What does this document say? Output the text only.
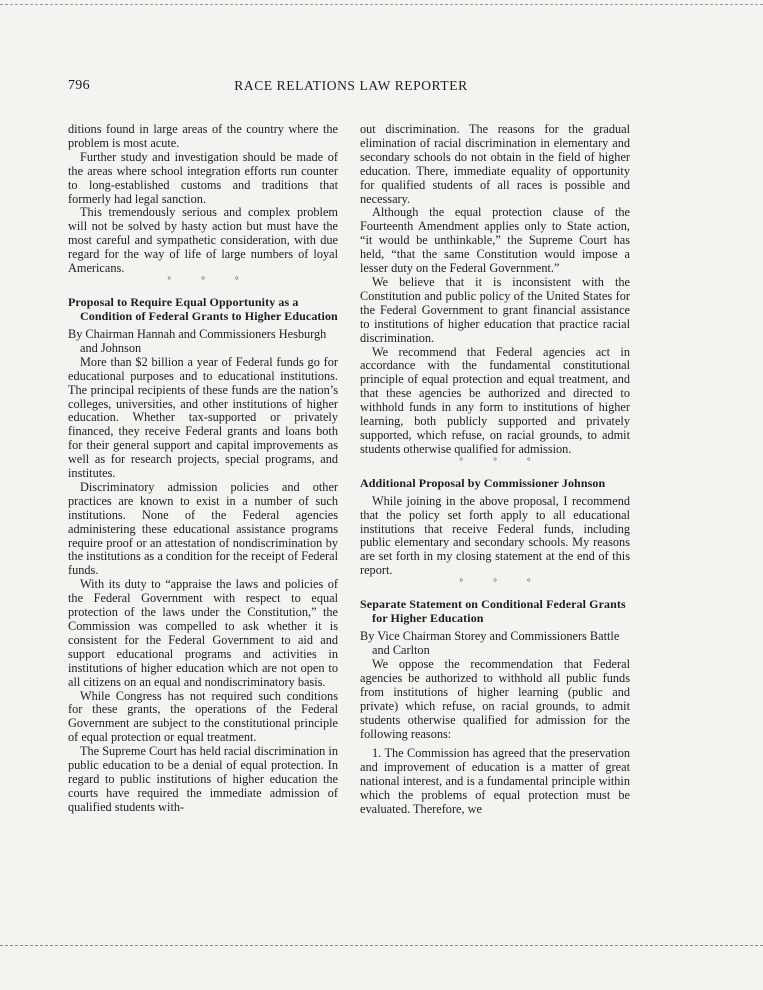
796	RACE RELATIONS LAW REPORTER

ditions found in large areas of the country where the problem is most acute.

Further study and investigation should be made of the areas where school integration efforts run counter to long-established customs and traditions that formerly had legal sanction.

This tremendously serious and complex problem will not be solved by hasty action but must have the most careful and sympathetic consideration, with due regard for the way of life of large numbers of loyal Americans.

° ° °
Proposal to Require Equal Opportunity as a Condition of Federal Grants to Higher Education

By Chairman Hannah and Commissioners Hesburgh and Johnson

More than $2 billion a year of Federal funds go for educational purposes and to educational institutions. The principal recipients of these funds are the nation’s colleges, universities, and other institutions of higher education. Whether tax-supported or privately financed, they receive Federal grants and loans both for their general support and capital improvements as well as for research projects, special programs, and institutes.

Discriminatory admission policies and other practices are known to exist in a number of such institutions. None of the Federal agencies administering these educational assistance programs require proof or an attestation of nondiscrimination by the institutions as a condition for the receipt of Federal funds.

With its duty to “appraise the laws and policies of the Federal Government with respect to equal protection of the laws under the Constitution,” the Commission was compelled to ask whether it is consistent for the Federal Government to aid and support educational programs and activities in institutions of higher education which are not open to all citizens on an equal and nondiscriminatory basis.

While Congress has not required such conditions for these grants, the operations of the Federal Government are subject to the constitutional principle of equal protection or equal treatment.

The Supreme Court has held racial discrimination in public education to be a denial of equal protection. In regard to public institutions of higher education the courts have required the immediate admission of qualified students with-

out discrimination. The reasons for the gradual elimination of racial discrimination in elementary and secondary schools do not obtain in the field of higher education. There, immediate equality of opportunity for qualified students of all races is possible and necessary.

Although the equal protection clause of the Fourteenth Amendment applies only to State action, “it would be unthinkable,” the Supreme Court has held, “that the same Constitution would impose a lesser duty on the Federal Government.”

We believe that it is inconsistent with the Constitution and public policy of the United States for the Federal Government to grant financial assistance to institutions of higher education that practice racial discrimination.

We recommend that Federal agencies act in accordance with the fundamental constitutional principle of equal protection and equal treatment, and that these agencies be authorized and directed to withhold funds in any form to institutions of higher learning, both publicly supported and privately supported, which refuse, on racial grounds, to admit students otherwise qualified for admission.

° ° °
Additional Proposal by Commissioner Johnson

While joining in the above proposal, I recommend that the policy set forth apply to all educational institutions that receive Federal funds, including public elementary and secondary schools. My reasons are set forth in my closing statement at the end of this report.

° ° °
Separate Statement on Conditional Federal Grants for Higher Education

By Vice Chairman Storey and Commissioners Battle and Carlton

We oppose the recommendation that Federal agencies be authorized to withhold all public funds from institutions of higher learning (public and private) which refuse, on racial grounds, to admit students otherwise qualified for admission for the following reasons:

1. The Commission has agreed that the preservation and improvement of education is a matter of great national interest, and is a fundamental principle within which the problems of equal protection must be evaluated. Therefore, we
